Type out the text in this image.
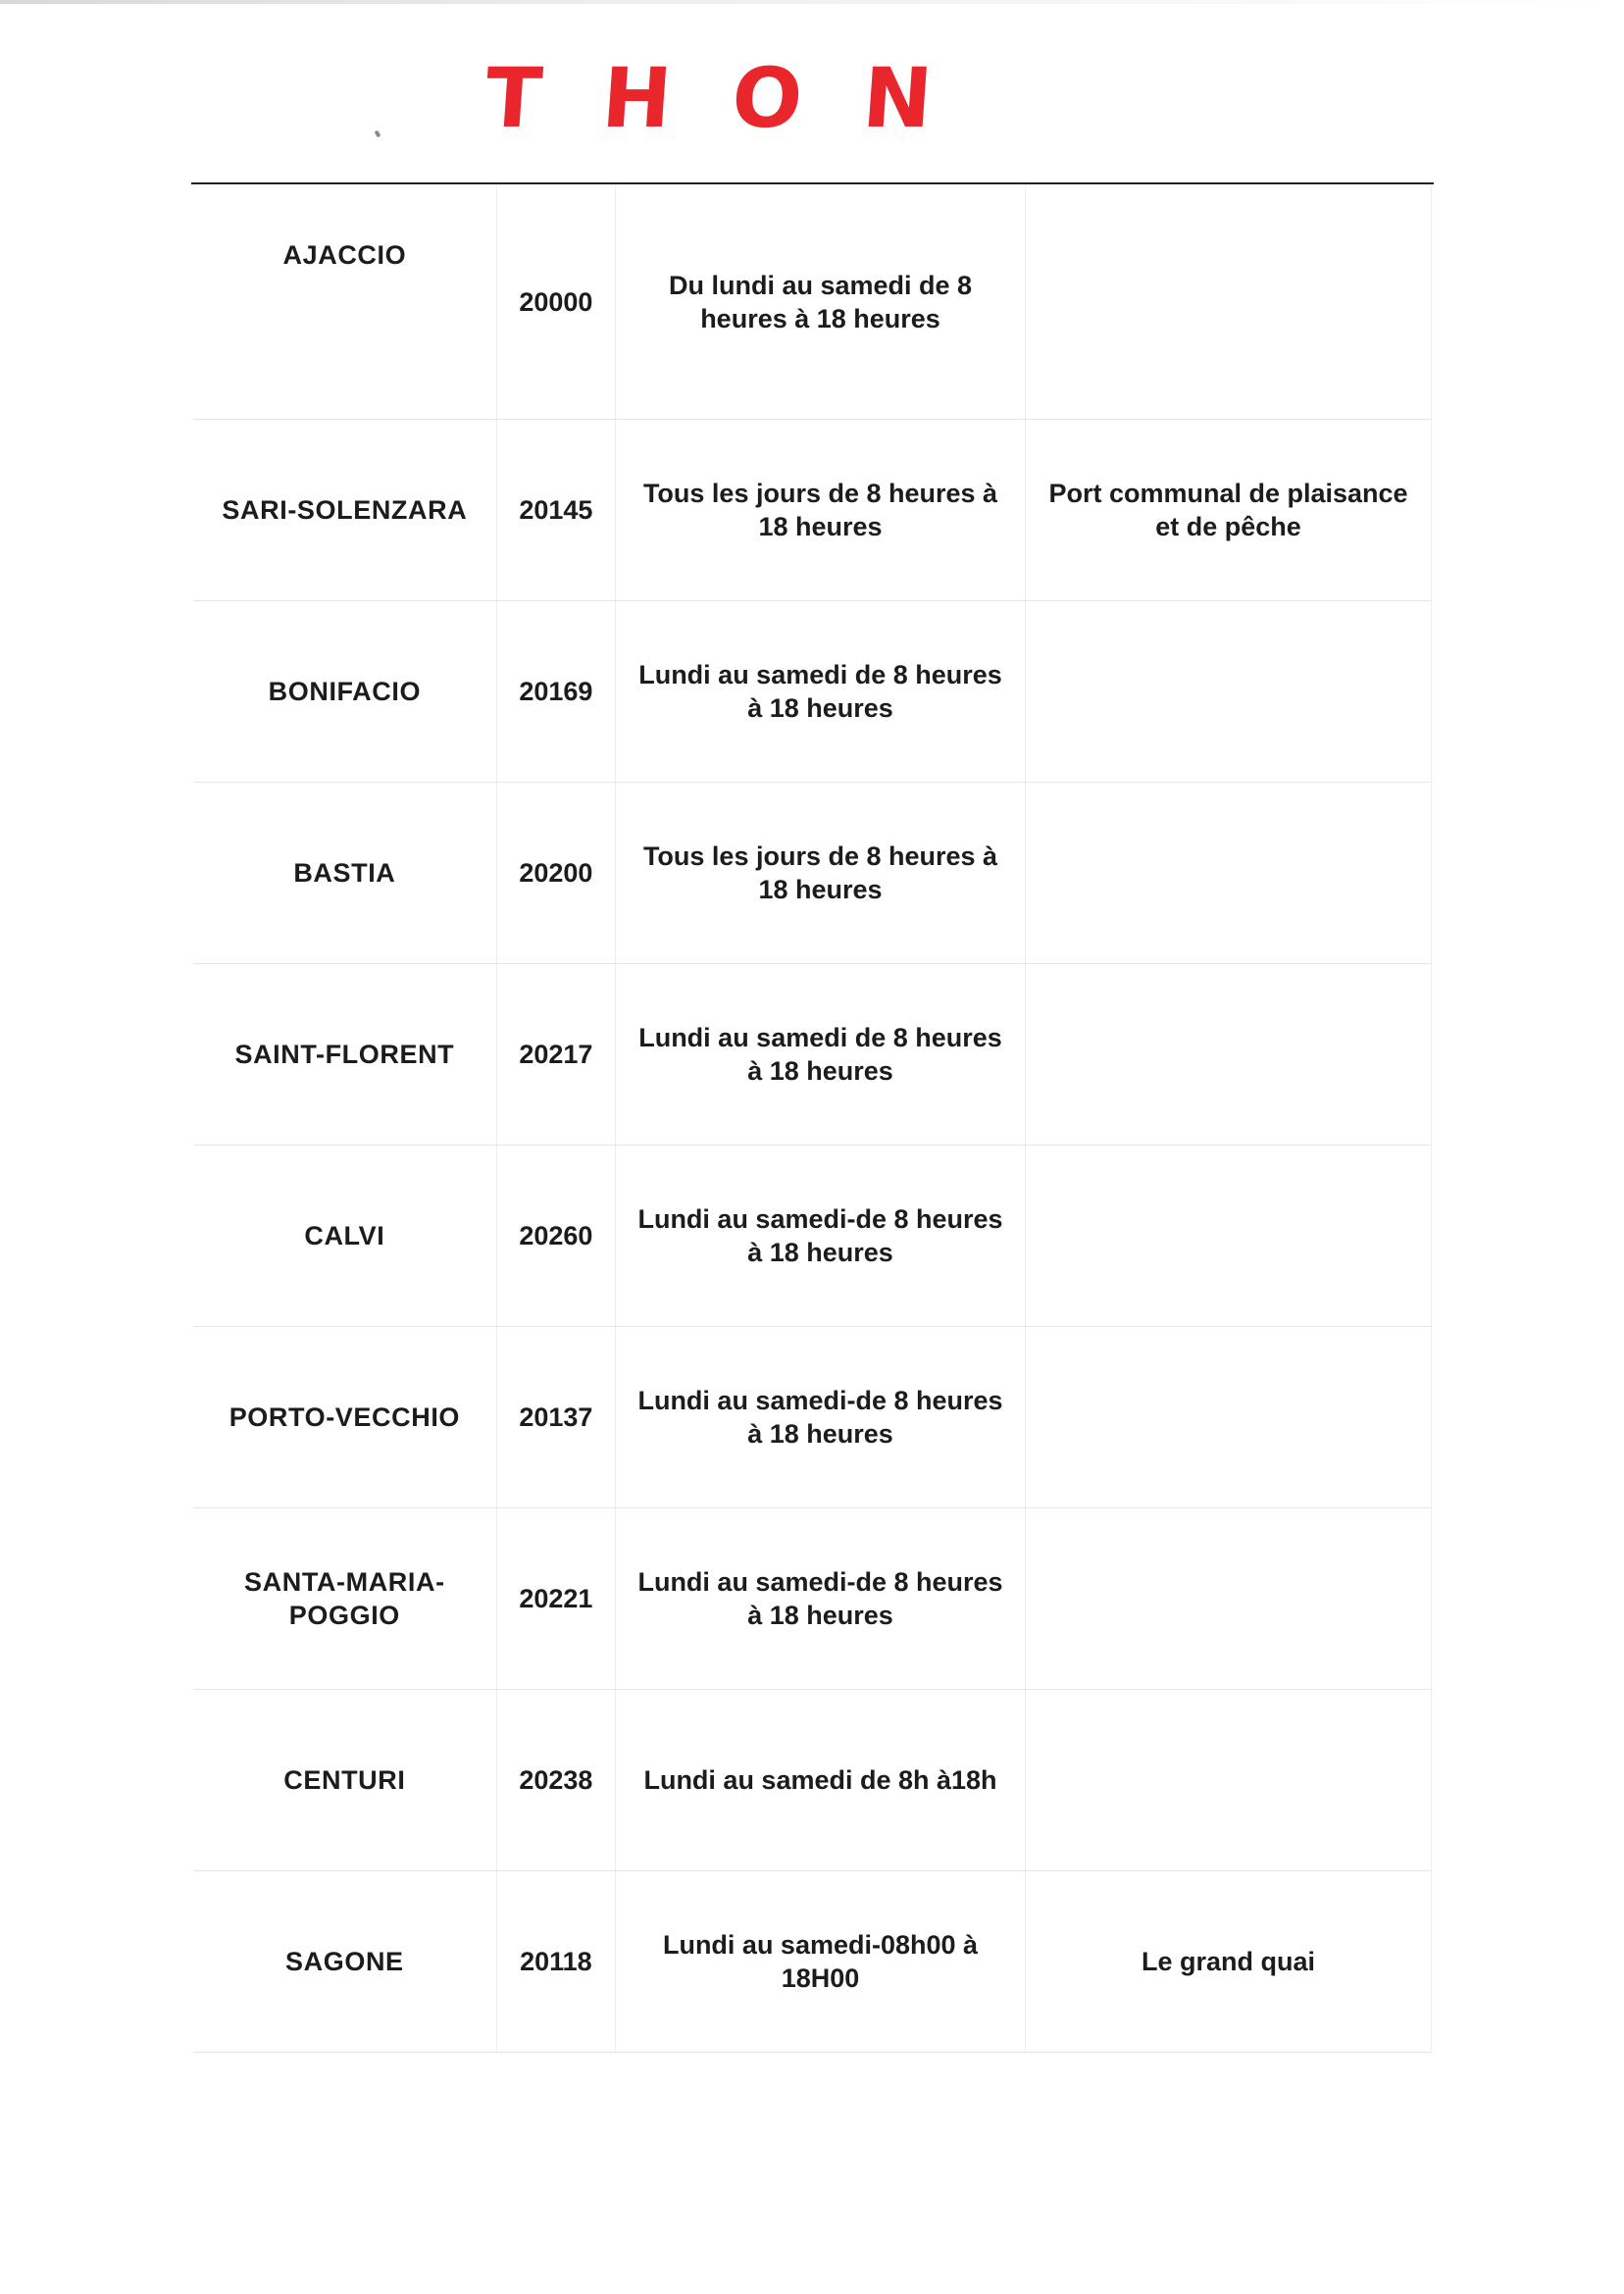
THON
AJACCIO	20000	Du lundi au samedi de 8 heures à 18 heures	
SARI-SOLENZARA	20145	Tous les jours de 8 heures à 18 heures	Port communal de plaisance et de pêche
BONIFACIO	20169	Lundi au samedi de 8 heures à 18 heures	
BASTIA	20200	Tous les jours de 8 heures à 18 heures	
SAINT-FLORENT	20217	Lundi au samedi de 8 heures à 18 heures	
CALVI	20260	Lundi au samedi-de 8 heures à 18 heures	
PORTO-VECCHIO	20137	Lundi au samedi-de 8 heures à 18 heures	
SANTA-MARIA-POGGIO	20221	Lundi au samedi-de 8 heures à 18 heures	
CENTURI	20238	Lundi au samedi de 8h à18h	
SAGONE	20118	Lundi au samedi-08h00 à 18H00	Le grand quai
